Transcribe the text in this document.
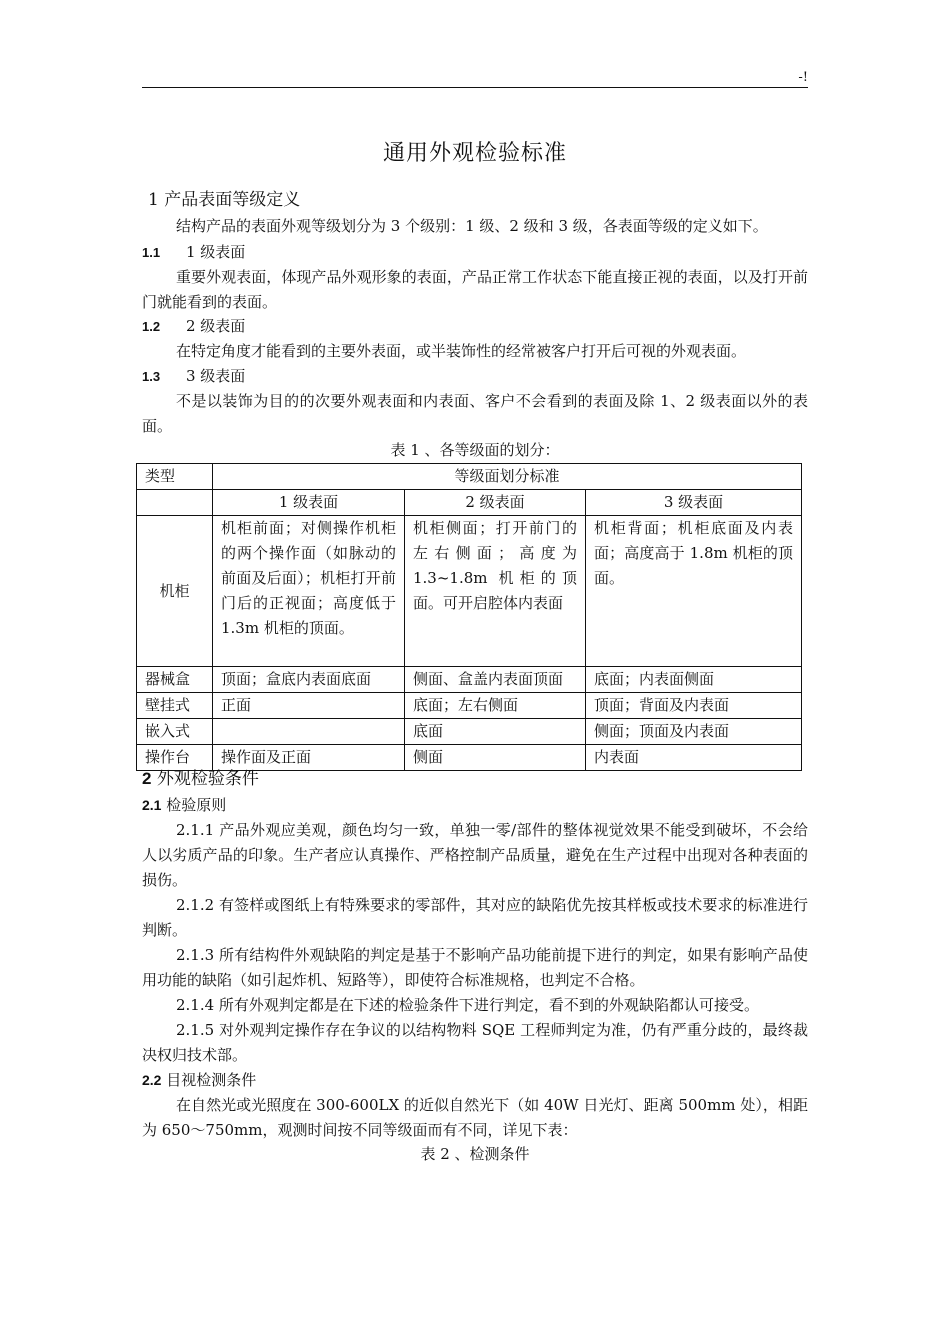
-!
通用外观检验标准
1 产品表面等级定义
结构产品的表面外观等级划分为 3 个级别：1 级、2 级和 3 级，各表面等级的定义如下。
1.1 1 级表面
重要外观表面，体现产品外观形象的表面，产品正常工作状态下能直接正视的表面，以及打开前门就能看到的表面。
1.2 2 级表面
在特定角度才能看到的主要外表面，或半装饰性的经常被客户打开后可视的外观表面。
1.3 3 级表面
不是以装饰为目的的次要外观表面和内表面、客户不会看到的表面及除 1、2 级表面以外的表面。
表 1 、各等级面的划分：
类型	等级面划分标准		
	1 级表面	2 级表面	3 级表面
机柜	机柜前面；对侧操作机柜的两个操作面（如脉动的前面及后面）；机柜打开前门后的正视面；高度低于 1.3m 机柜的顶面。	机柜侧面；打开前门的左右侧面；高度为 1.3~1.8m 机柜的顶面。可开启腔体内表面	机柜背面；机柜底面及内表面；高度高于 1.8m 机柜的顶面。
器械盒	顶面；盒底内表面底面	侧面、盒盖内表面顶面	底面；内表面侧面
壁挂式	正面	底面；左右侧面	顶面；背面及内表面
嵌入式		底面	侧面；顶面及内表面
操作台	操作面及正面	侧面	内表面
2 外观检验条件
2.1 检验原则
2.1.1 产品外观应美观，颜色均匀一致，单独一零/部件的整体视觉效果不能受到破坏，不会给人以劣质产品的印象。生产者应认真操作、严格控制产品质量，避免在生产过程中出现对各种表面的损伤。
2.1.2 有签样或图纸上有特殊要求的零部件，其对应的缺陷优先按其样板或技术要求的标准进行判断。
2.1.3 所有结构件外观缺陷的判定是基于不影响产品功能前提下进行的判定，如果有影响产品使用功能的缺陷（如引起炸机、短路等），即使符合标准规格，也判定不合格。
2.1.4 所有外观判定都是在下述的检验条件下进行判定，看不到的外观缺陷都认可接受。
2.1.5 对外观判定操作存在争议的以结构物料 SQE 工程师判定为准，仍有严重分歧的，最终裁决权归技术部。
2.2 目视检测条件
在自然光或光照度在 300-600LX 的近似自然光下（如 40W 日光灯、距离 500mm 处），相距为 650～750mm，观测时间按不同等级面而有不同，详见下表：
表 2 、检测条件
